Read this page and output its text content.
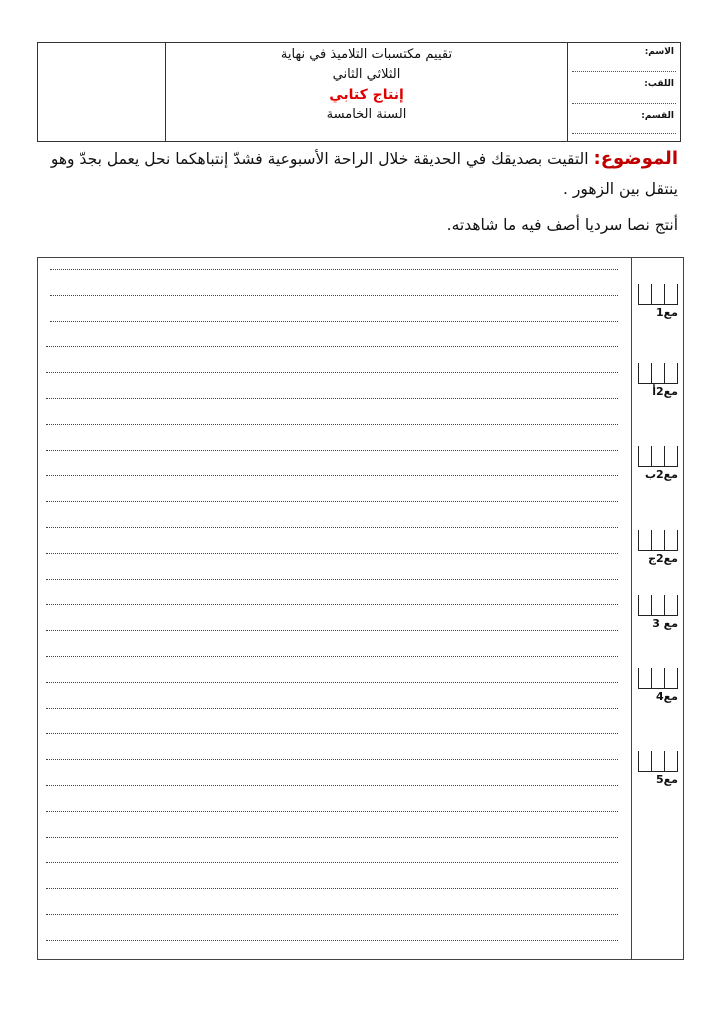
تقييم مكتسبات التلاميذ في نهاية
الثلاثي الثاني
إنتاج كتابي
السنة الخامسة
الاسم:
اللقب:
القسم:
الموضوع: التقيت بصديقك في الحديقة خلال الراحة الأسبوعية فشدّ إنتباهكما نحل يعمل بجدّ وهو ينتقل بين الزهور .
أنتج نصا سرديا أصف فيه ما شاهدته.
مع1
مع2أ
مع2ب
مع2ج
مع 3
مع4
مع5
